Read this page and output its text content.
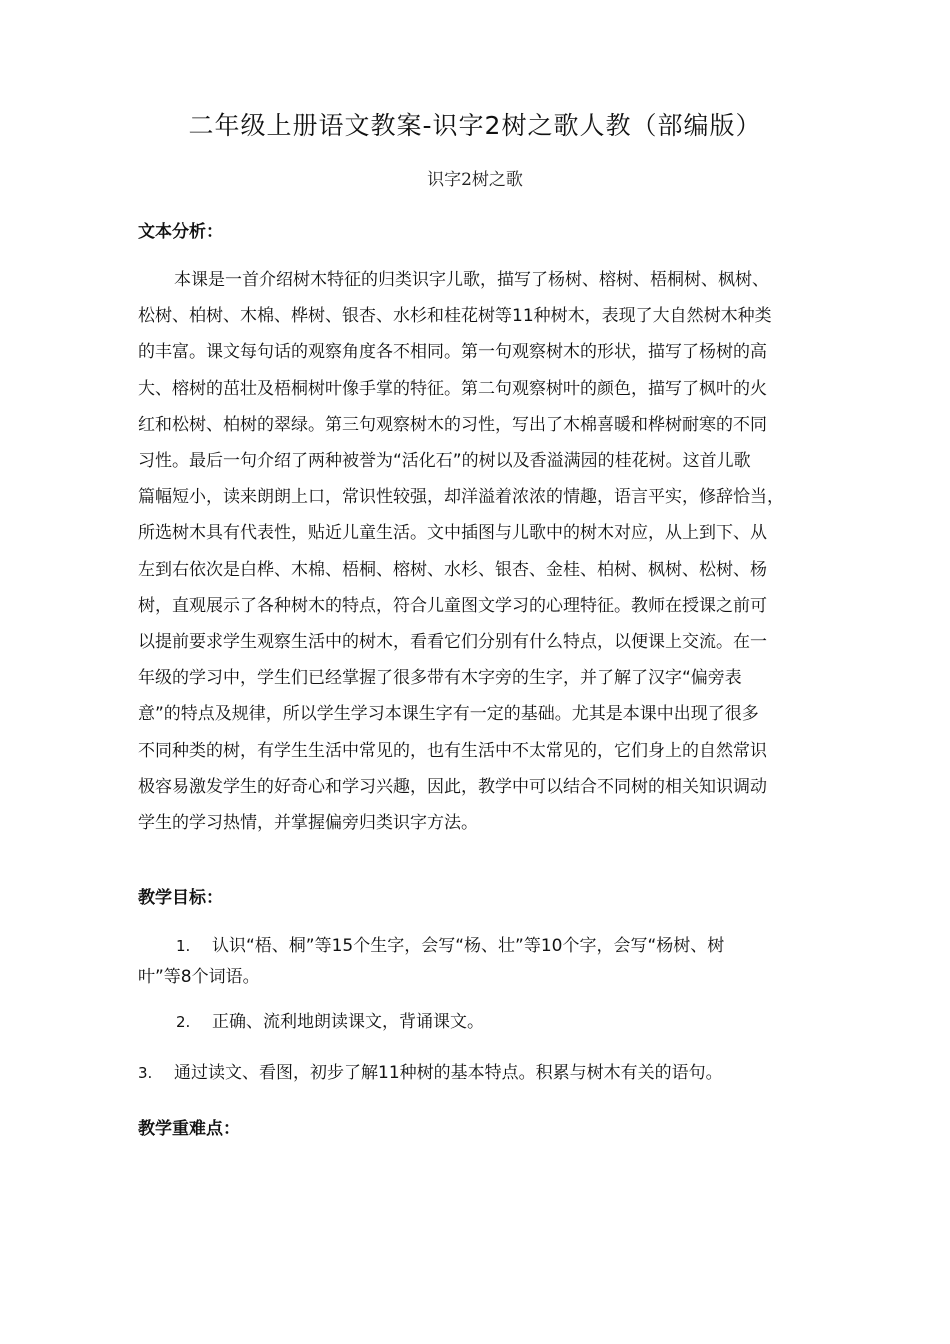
二年级上册语文教案-识字2树之歌人教（部编版）
识字2树之歌
文本分析：
本课是一首介绍树木特征的归类识字儿歌，描写了杨树、榕树、梧桐树、枫树、
松树、柏树、木棉、桦树、银杏、水杉和桂花树等11种树木，表现了大自然树木种类
的丰富。课文每句话的观察角度各不相同。第一句观察树木的形状，描写了杨树的高
大、榕树的茁壮及梧桐树叶像手掌的特征。第二句观察树叶的颜色，描写了枫叶的火
红和松树、柏树的翠绿。第三句观察树木的习性，写出了木棉喜暖和桦树耐寒的不同
习性。最后一句介绍了两种被誉为“活化石”的树以及香溢满园的桂花树。这首儿歌
篇幅短小，读来朗朗上口，常识性较强，却洋溢着浓浓的情趣，语言平实，修辞恰当，
所选树木具有代表性，贴近儿童生活。文中插图与儿歌中的树木对应，从上到下、从
左到右依次是白桦、木棉、梧桐、榕树、水杉、银杏、金桂、柏树、枫树、松树、杨
树，直观展示了各种树木的特点，符合儿童图文学习的心理特征。教师在授课之前可
以提前要求学生观察生活中的树木，看看它们分别有什么特点，以便课上交流。在一
年级的学习中，学生们已经掌握了很多带有木字旁的生字，并了解了汉字“偏旁表
意”的特点及规律，所以学生学习本课生字有一定的基础。尤其是本课中出现了很多
不同种类的树，有学生生活中常见的，也有生活中不太常见的，它们身上的自然常识
极容易激发学生的好奇心和学习兴趣，因此，教学中可以结合不同树的相关知识调动
学生的学习热情，并掌握偏旁归类识字方法。
教学目标：
1. 认识“梧、桐”等15个生字，会写“杨、壮”等10个字，会写“杨树、树
叶”等8个词语。
2. 正确、流利地朗读课文，背诵课文。
3. 通过读文、看图，初步了解11种树的基本特点。积累与树木有关的语句。
教学重难点：
